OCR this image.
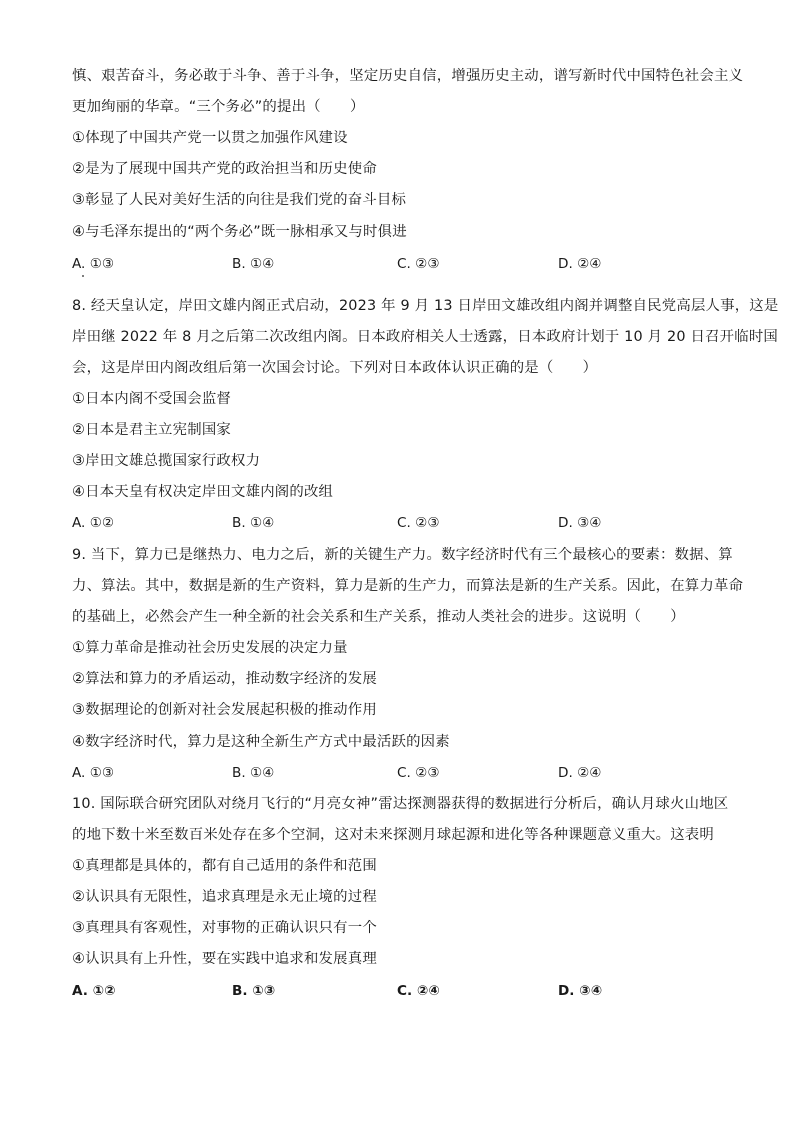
慎、艰苦奋斗，务必敢于斗争、善于斗争，坚定历史自信，增强历史主动，谱写新时代中国特色社会主义
更加绚丽的华章。“三个务必”的提出（　　）
①体现了中国共产党一以贯之加强作风建设
②是为了展现中国共产党的政治担当和历史使命
③彰显了人民对美好生活的向往是我们党的奋斗目标
④与毛泽东提出的“两个务必”既一脉相承又与时俱进
A. ①③	B. ①④	C. ②③	D. ②④
8. 经天皇认定，岸田文雄内阁正式启动，2023 年 9 月 13 日岸田文雄改组内阁并调整自民党高层人事，这是
岸田继 2022 年 8 月之后第二次改组内阁。日本政府相关人士透露，日本政府计划于 10 月 20 日召开临时国
会，这是岸田内阁改组后第一次国会讨论。下列对日本政体认识正确的是（　　）
①日本内阁不受国会监督
②日本是君主立宪制国家
③岸田文雄总揽国家行政权力
④日本天皇有权决定岸田文雄内阁的改组
A. ①②	B. ①④	C. ②③	D. ③④
9. 当下，算力已是继热力、电力之后，新的关键生产力。数字经济时代有三个最核心的要素：数据、算
力、算法。其中，数据是新的生产资料，算力是新的生产力，而算法是新的生产关系。因此，在算力革命
的基础上，必然会产生一种全新的社会关系和生产关系，推动人类社会的进步。这说明（　　）
①算力革命是推动社会历史发展的决定力量
②算法和算力的矛盾运动，推动数字经济的发展
③数据理论的创新对社会发展起积极的推动作用
④数字经济时代，算力是这种全新生产方式中最活跃的因素
A. ①③	B. ①④	C. ②③	D. ②④
10. 国际联合研究团队对绕月飞行的“月亮女神”雷达探测器获得的数据进行分析后，确认月球火山地区
的地下数十米至数百米处存在多个空洞，这对未来探测月球起源和进化等各种课题意义重大。这表明
①真理都是具体的，都有自己适用的条件和范围
②认识具有无限性，追求真理是永无止境的过程
③真理具有客观性，对事物的正确认识只有一个
④认识具有上升性，要在实践中追求和发展真理
A. ①②	B. ①③	C. ②④	D. ③④
